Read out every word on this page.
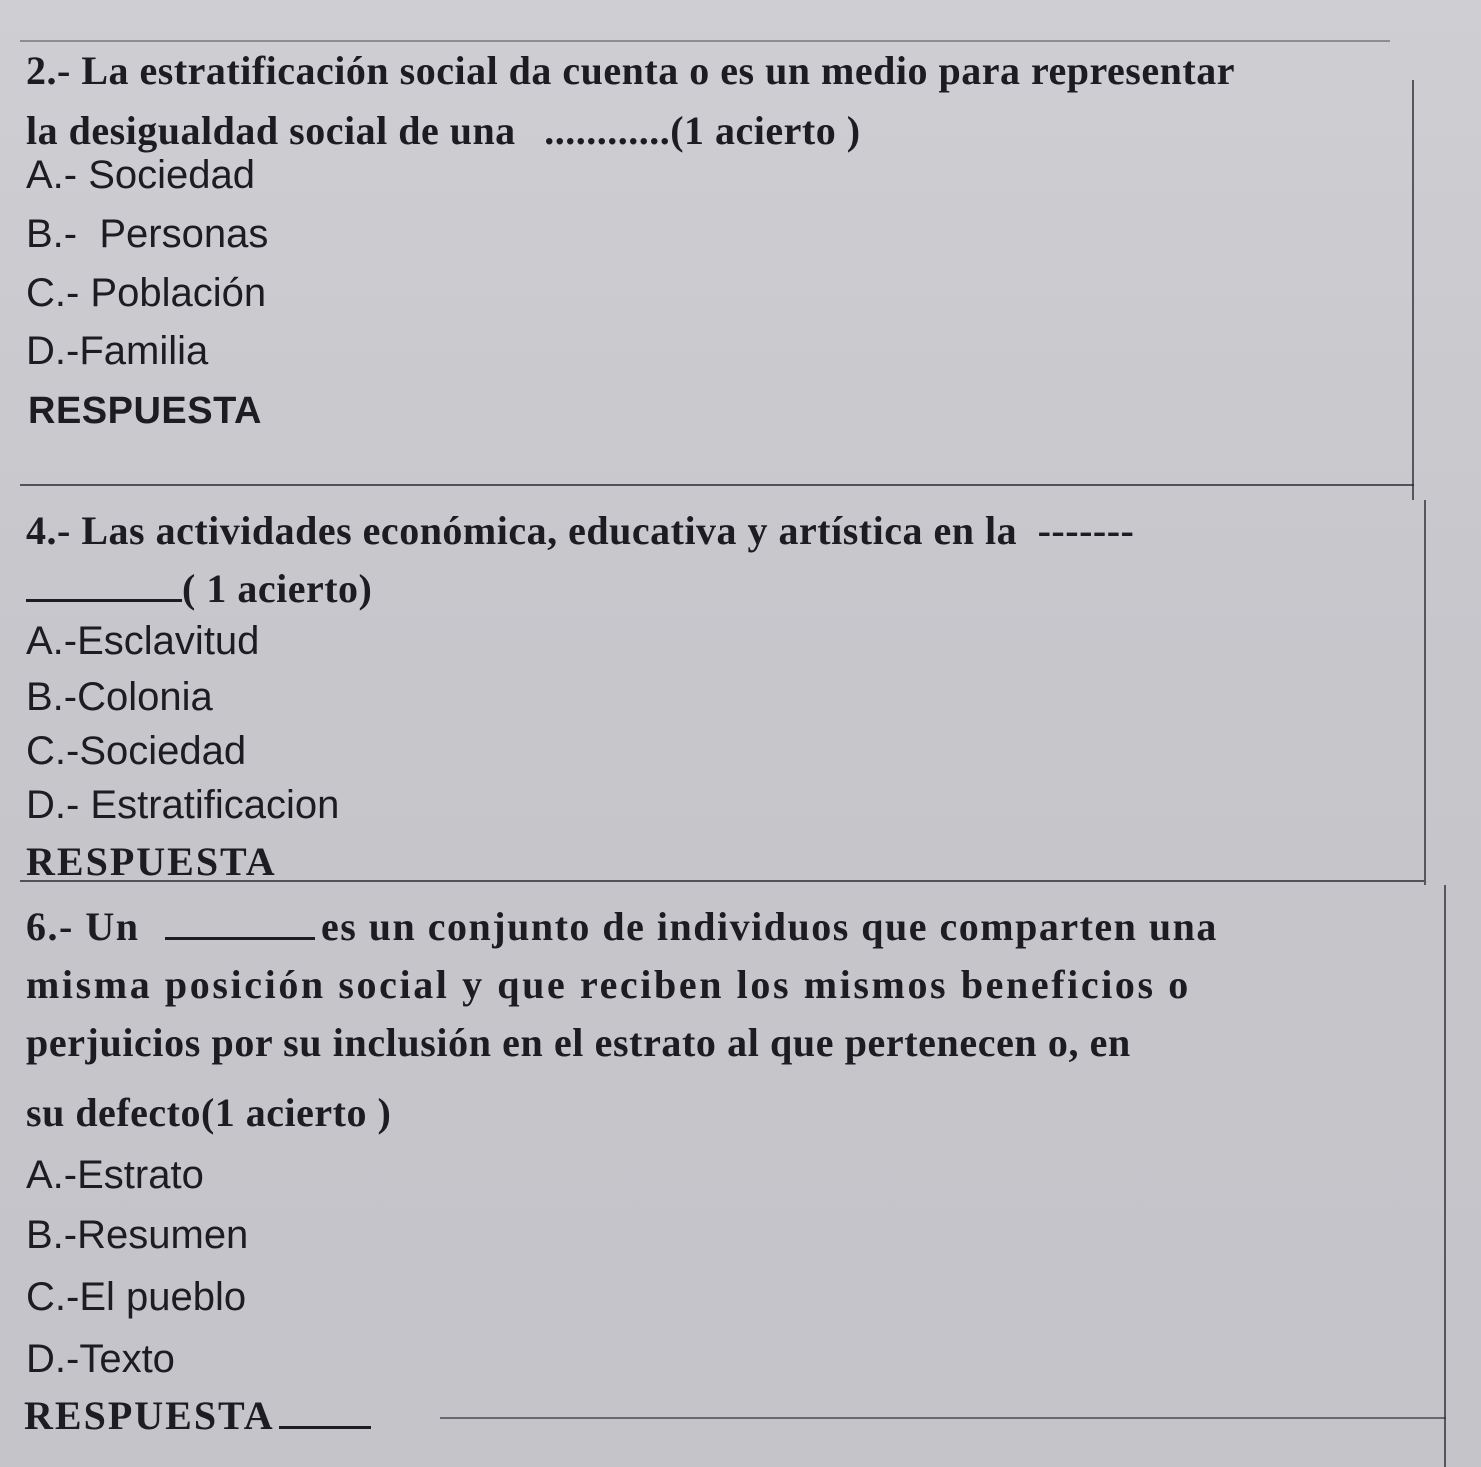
2.- La estratificación social da cuenta o es un medio para representar
la desigualdad social de una ............(1 acierto )
A.- Sociedad
B.-  Personas
C.- Población
D.-Familia
RESPUESTA
4.- Las actividades económica, educativa y artística en la -------
( 1 acierto)
A.-Esclavitud
B.-Colonia
C.-Sociedad
D.- Estratificacion
RESPUESTA
6.- Un	es un conjunto de individuos que comparten una
misma posición social y que reciben los mismos beneficios o
perjuicios por su inclusión en el estrato al que pertenecen o, en
su defecto(1 acierto )
A.-Estrato
B.-Resumen
C.-El pueblo
D.-Texto
RESPUESTA
